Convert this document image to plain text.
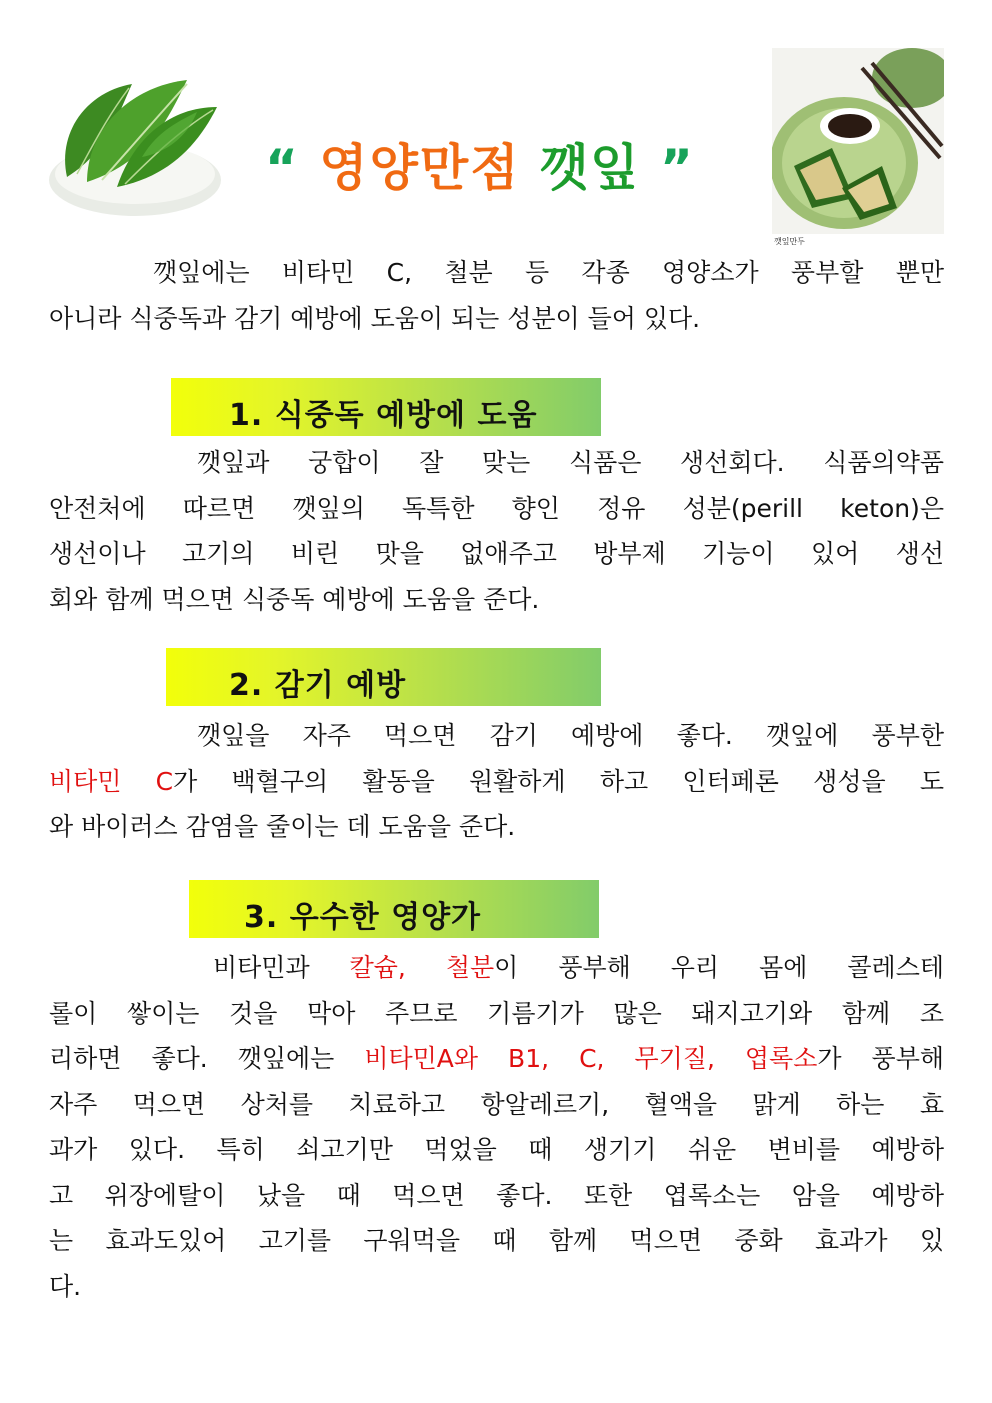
깻잎만두
“ 영양만점 깻잎 ”
깻잎에는 비타민 C, 철분 등 각종 영양소가 풍부할 뿐만
아니라 식중독과 감기 예방에 도움이 되는 성분이 들어 있다.
1. 식중독 예방에 도움
깻잎과 궁합이 잘 맞는 식품은 생선회다. 식품의약품
안전처에 따르면 깻잎의 독특한 향인 정유 성분(perill keton)은
생선이나 고기의 비린 맛을 없애주고 방부제 기능이 있어 생선
회와 함께 먹으면 식중독 예방에 도움을 준다.
2. 감기 예방
깻잎을 자주 먹으면 감기 예방에 좋다. 깻잎에 풍부한
비타민 C가 백혈구의 활동을 원활하게 하고 인터페론 생성을 도
와 바이러스 감염을 줄이는 데 도움을 준다.
3. 우수한 영양가
비타민과 칼슘, 철분이 풍부해 우리 몸에 콜레스테
롤이 쌓이는 것을 막아 주므로 기름기가 많은 돼지고기와 함께 조
리하면 좋다. 깻잎에는 비타민A와 B1, C, 무기질, 엽록소가 풍부해
자주 먹으면 상처를 치료하고 항알레르기, 혈액을 맑게 하는 효
과가 있다. 특히 쇠고기만 먹었을 때 생기기 쉬운 변비를 예방하
고 위장에탈이 났을 때 먹으면 좋다. 또한 엽록소는 암을 예방하
는 효과도있어 고기를 구워먹을 때 함께 먹으면 중화 효과가 있
다.
